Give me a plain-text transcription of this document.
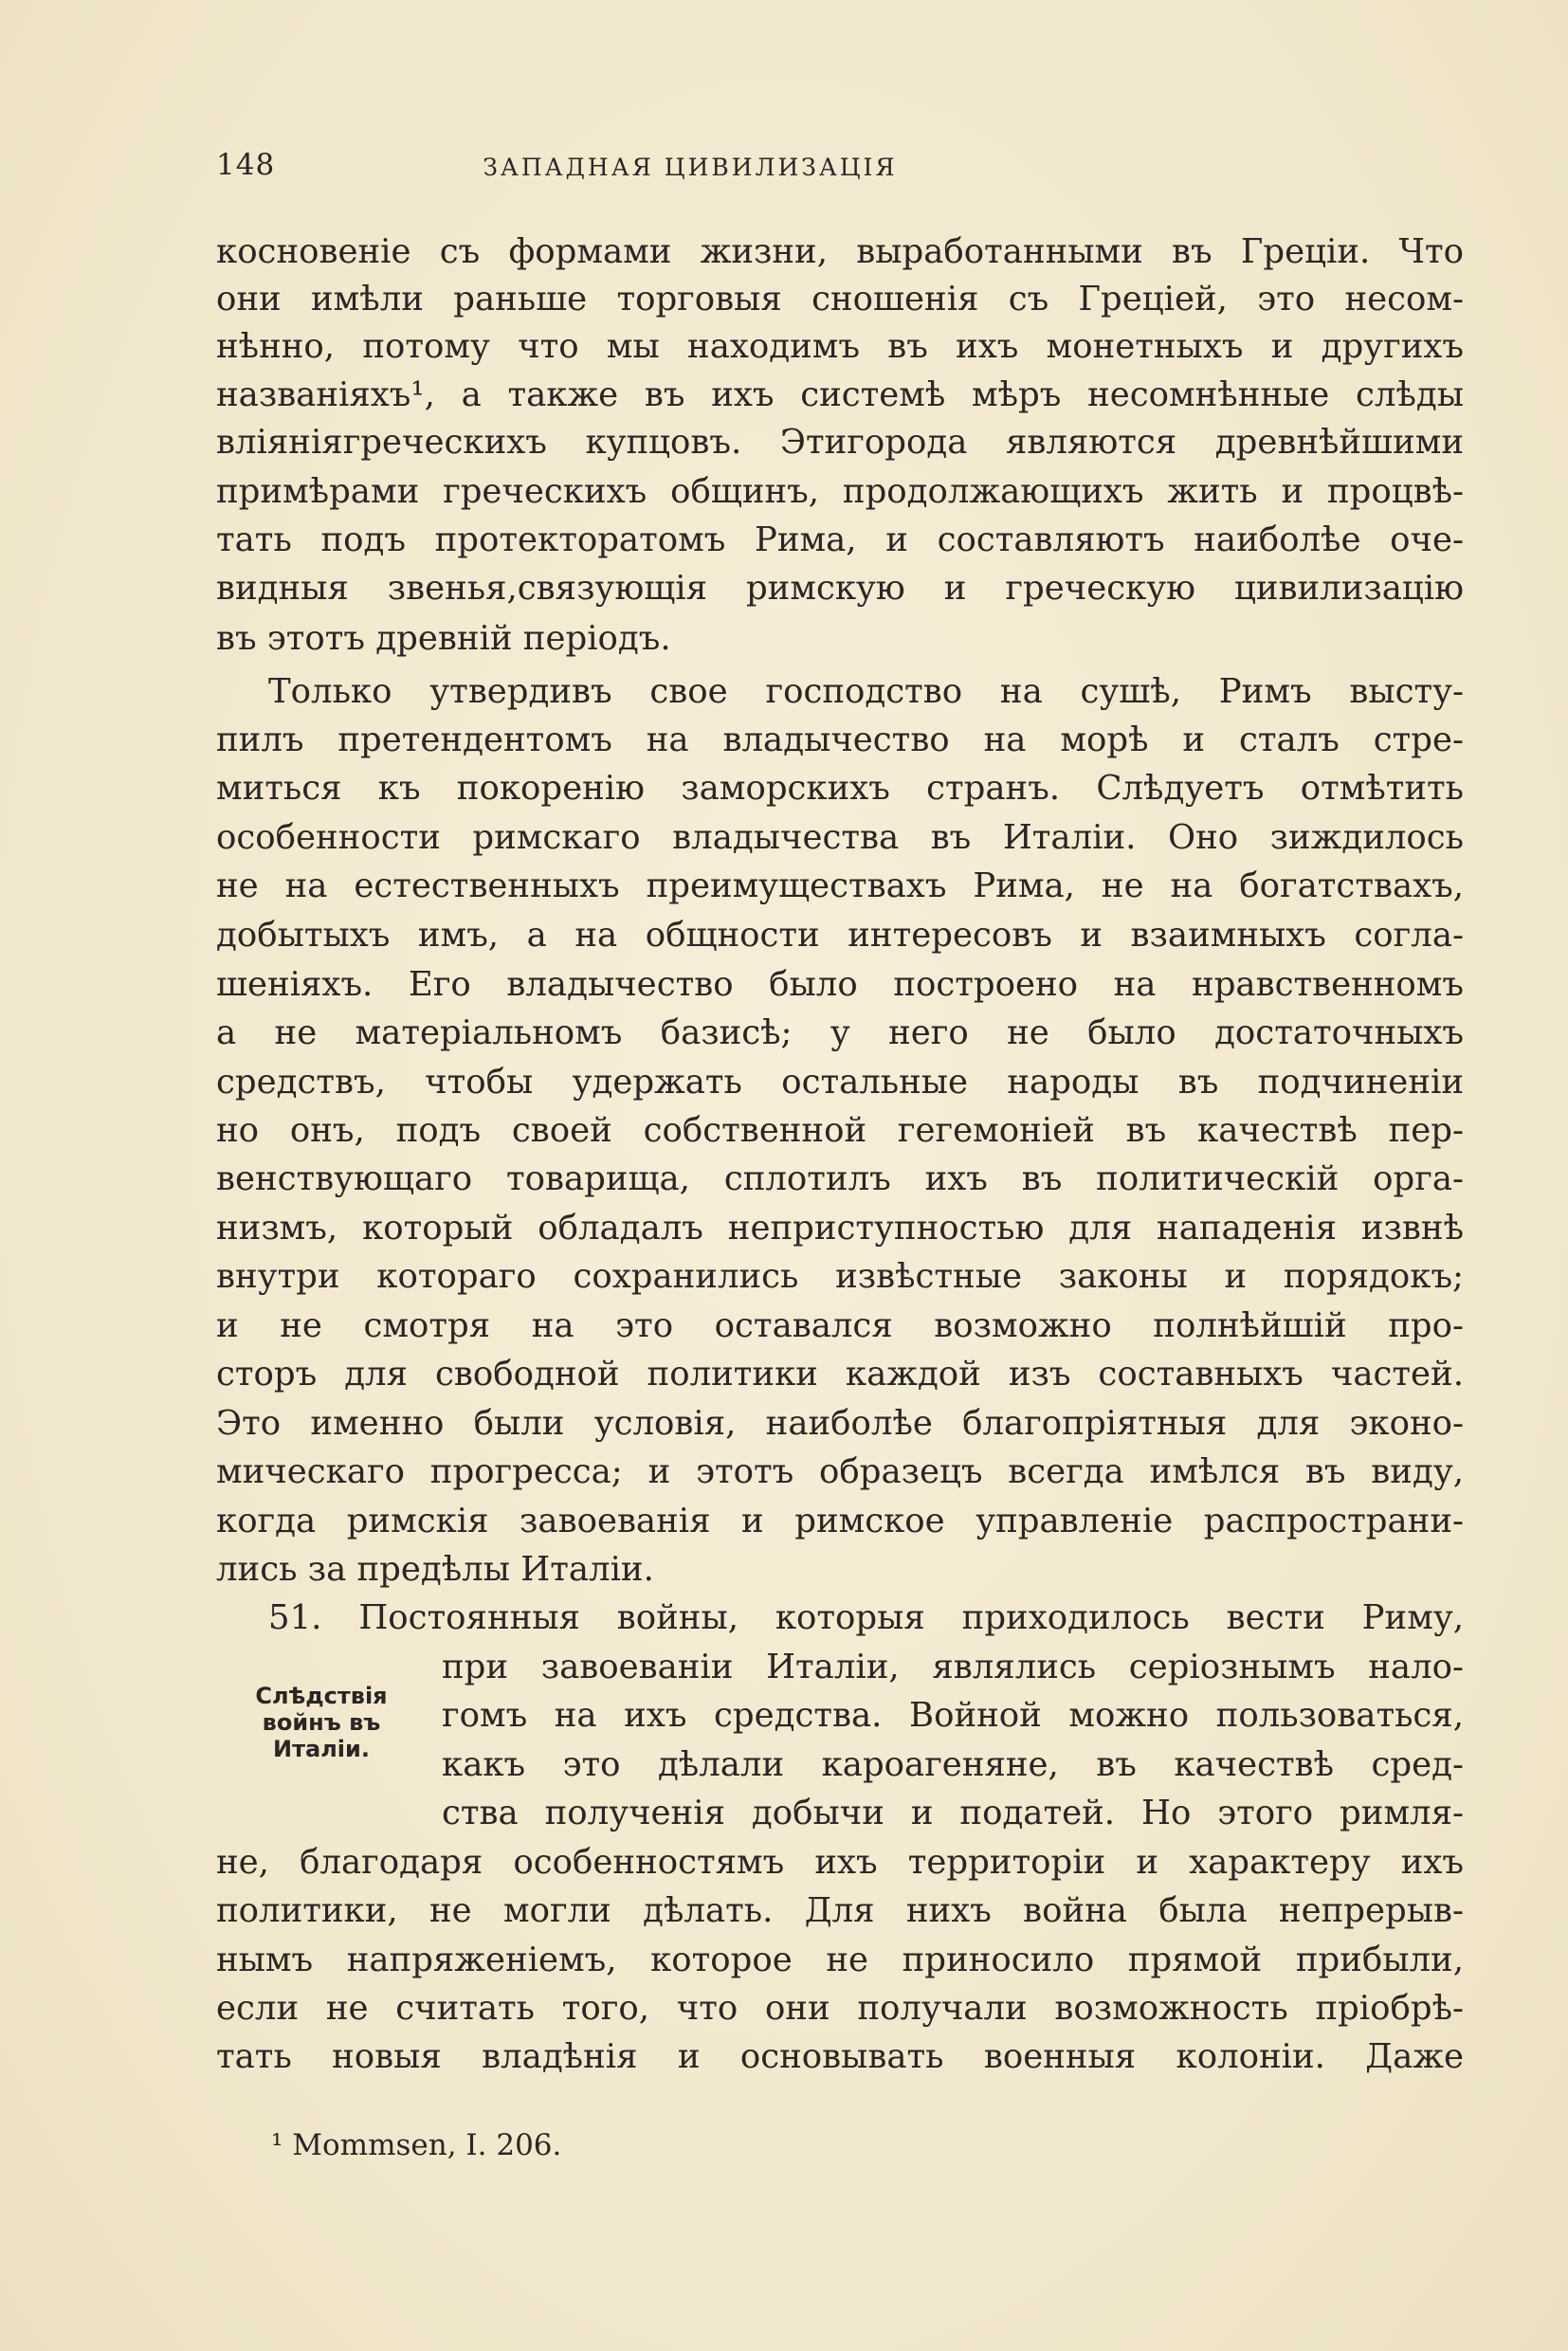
148	ЗАПАДНАЯ ЦИВИЛИЗАЦІЯ
косновеніе съ формами жизни, выработанными въ Греціи. Что
они имѣли раньше торговыя сношенія съ Греціей, это несом-
нѣнно, потому что мы находимъ въ ихъ монетныхъ и другихъ
названіяхъ¹, а также въ ихъ системѣ мѣръ несомнѣнные слѣды
вліяніягреческихъ купцовъ. Этигорода являются древнѣйшими
примѣрами греческихъ общинъ, продолжающихъ жить и процвѣ-
тать подъ протекторатомъ Рима, и составляютъ наиболѣе оче-
видныя звенья,связующія римскую и греческую цивилизацію
въ этотъ древній періодъ.
Только утвердивъ свое господство на сушѣ, Римъ высту-
пилъ претендентомъ на владычество на морѣ и сталъ стре-
миться къ покоренію заморскихъ странъ. Слѣдуетъ отмѣтить
особенности римскаго владычества въ Италіи. Оно зиждилось
не на естественныхъ преимуществахъ Рима, не на богатствахъ,
добытыхъ имъ, а на общности интересовъ и взаимныхъ согла-
шеніяхъ. Его владычество было построено на нравственномъ
а не матеріальномъ базисѣ; у него не было достаточныхъ
средствъ, чтобы удержать остальные народы въ подчиненіи
но онъ, подъ своей собственной гегемоніей въ качествѣ пер-
венствующаго товарища, сплотилъ ихъ въ политическій орга-
низмъ, который обладалъ неприступностью для нападенія извнѣ
внутри котораго сохранились извѣстные законы и порядокъ;
и не смотря на это оставался возможно полнѣйшій про-
сторъ для свободной политики каждой изъ составныхъ частей.
Это именно были условія, наиболѣе благопріятныя для эконо-
мическаго прогресса; и этотъ образецъ всегда имѣлся въ виду,
когда римскія завоеванія и римское управленіе распространи-
лись за предѣлы Италіи.
51. Постоянныя войны, которыя приходилось вести Риму,
при завоеваніи Италіи, являлись серіознымъ нало-
гомъ на ихъ средства. Войной можно пользоваться,
какъ это дѣлали кароагеняне, въ качествѣ сред-
ства полученія добычи и податей. Но этого римля-
не, благодаря особенностямъ ихъ территоріи и характеру ихъ
политики, не могли дѣлать. Для нихъ война была непрерыв-
нымъ напряженіемъ, которое не приносило прямой прибыли,
если не считать того, что они получали возможность пріобрѣ-
тать новыя владѣнія и основывать военныя колоніи. Даже
Слѣдствія
войнъ въ
Италіи.
¹ Mommsen, I. 206.
